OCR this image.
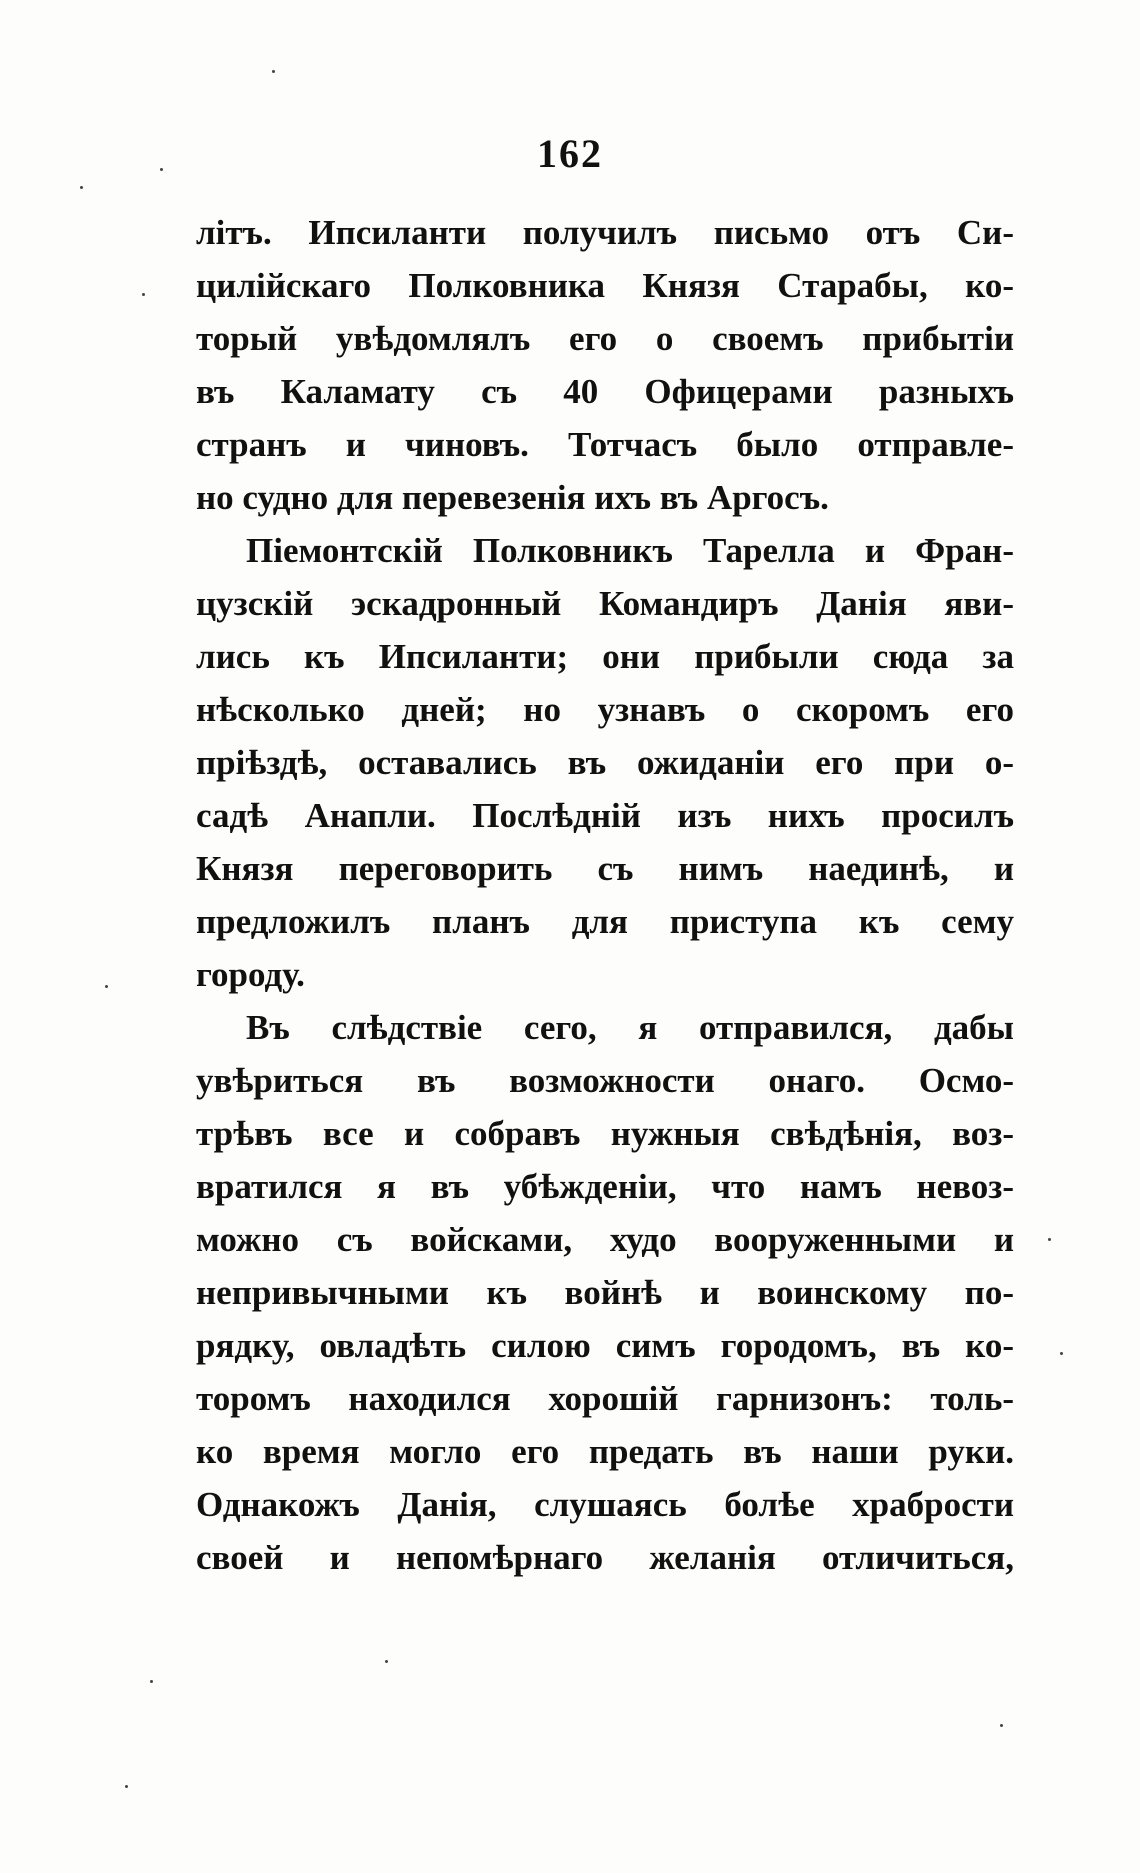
162
літъ. Ипсиланти получилъ письмо отъ Си-
цилійскаго Полковника Князя Старабы, ко-
торый увѣдомлялъ его о своемъ прибытіи
въ Каламату съ 40 Офицерами разныхъ
странъ и чиновъ. Тотчасъ было отправле-
но судно для перевезенія ихъ въ Аргосъ.
Піемонтскій Полковникъ Тарелла и Фран-
цузскій эскадронный Командиръ Данія яви-
лись къ Ипсиланти; они прибыли сюда за
нѣсколько дней; но узнавъ о скоромъ его
пріѣздѣ, оставались въ ожиданіи его при о-
садѣ Анапли. Послѣдній изъ нихъ просилъ
Князя переговорить съ нимъ наединѣ, и
предложилъ планъ для приступа къ сему
городу.
Въ слѣдствіе сего, я отправился, дабы
увѣриться въ возможности онаго. Осмо-
трѣвъ все и собравъ нужныя свѣдѣнія, воз-
вратился я въ убѣжденіи, что намъ невоз-
можно съ войсками, худо вооруженными и
непривычными къ войнѣ и воинскому по-
рядку, овладѣть силою симъ городомъ, въ ко-
торомъ находился хорошій гарнизонъ: толь-
ко время могло его предать въ наши руки.
Однакожъ Данія, слушаясь болѣе храбрости
своей и непомѣрнаго желанія отличиться,
